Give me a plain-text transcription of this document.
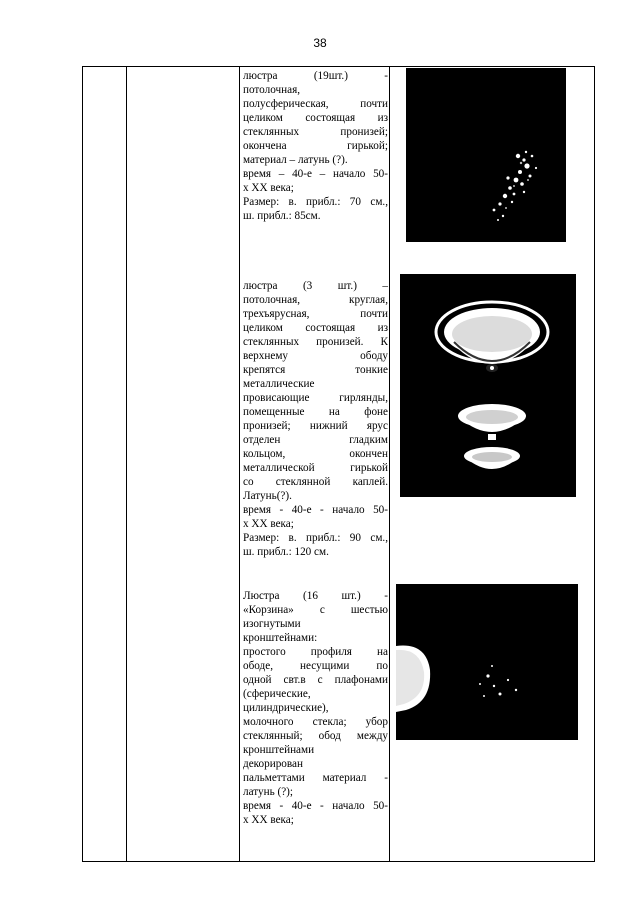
38

люстра (19шт.) -

потолочная,

полусферическая, почти

целиком состоящая из

стеклянных пронизей;

окончена гирькой;

материал – латунь (?).

время – 40-е – начало 50-

х ХХ века;

Размер: в. прибл.: 70 см.,

ш. прибл.: 85см.

люстра (3 шт.) –

потолочная, круглая,

трехъярусная, почти

целиком состоящая из

стеклянных пронизей. К

верхнему ободу

крепятся тонкие

металлические

провисающие гирлянды,

помещенные на фоне

пронизей; нижний ярус

отделен гладким

кольцом, окончен

металлической гирькой

со стеклянной каплей.

Латунь(?).

время - 40-е - начало 50-

х ХХ века;

Размер: в. прибл.: 90 см.,

ш. прибл.: 120 см.

Люстра (16 шт.) -

«Корзина» с шестью

изогнутыми

кронштейнами:

простого профиля на

ободе, несущими по

одной свт.в с плафонами

(сферические,

цилиндрические),

молочного стекла; убор

стеклянный; обод между

кронштейнами

декорирован

пальметтами материал -

латунь (?);

время - 40-е - начало 50-

х ХХ века;
